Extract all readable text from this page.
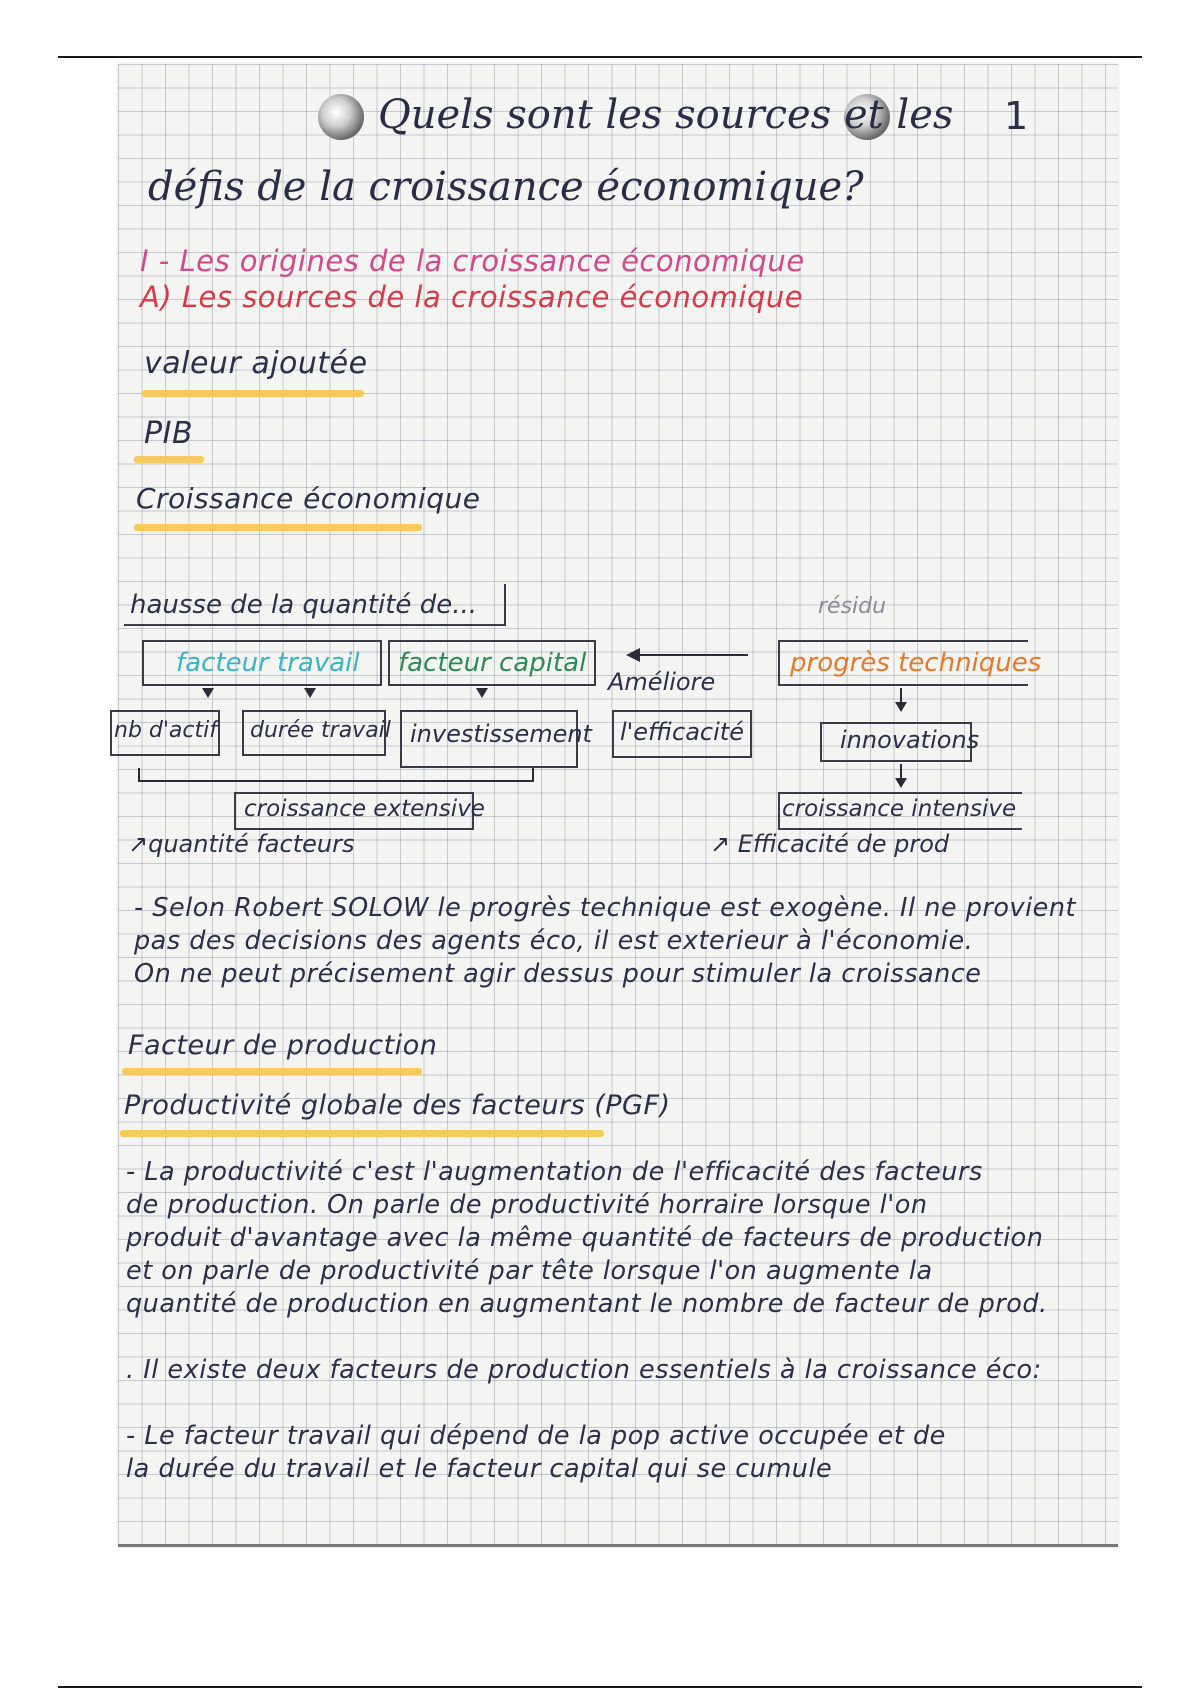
Quels sont les sources et les
défis de la croissance économique?
1
I - Les origines de la croissance économique
A) Les sources de la croissance économique
valeur ajoutée
PIB
Croissance économique
hausse de la quantité de...	résidu
facteur travail facteur capital
Améliore
progrès techniques
nb d'actif durée travail investissement l'efficacité	innovations
croissance extensive	croissance intensive
↗quantité facteurs	↗ Efficacité de prod
- Selon Robert SOLOW le progrès technique est exogène. Il ne provient
pas des decisions des agents éco, il est exterieur à l'économie.
On ne peut précisement agir dessus pour stimuler la croissance
Facteur de production
Productivité globale des facteurs (PGF)
- La productivité c'est l'augmentation de l'efficacité des facteurs
de production. On parle de productivité horraire lorsque l'on
produit d'avantage avec la même quantité de facteurs de production
et on parle de productivité par tête lorsque l'on augmente la
quantité de production en augmentant le nombre de facteur de prod.
. Il existe deux facteurs de production essentiels à la croissance éco:
- Le facteur travail qui dépend de la pop active occupée et de
la durée du travail et le facteur capital qui se cumule
